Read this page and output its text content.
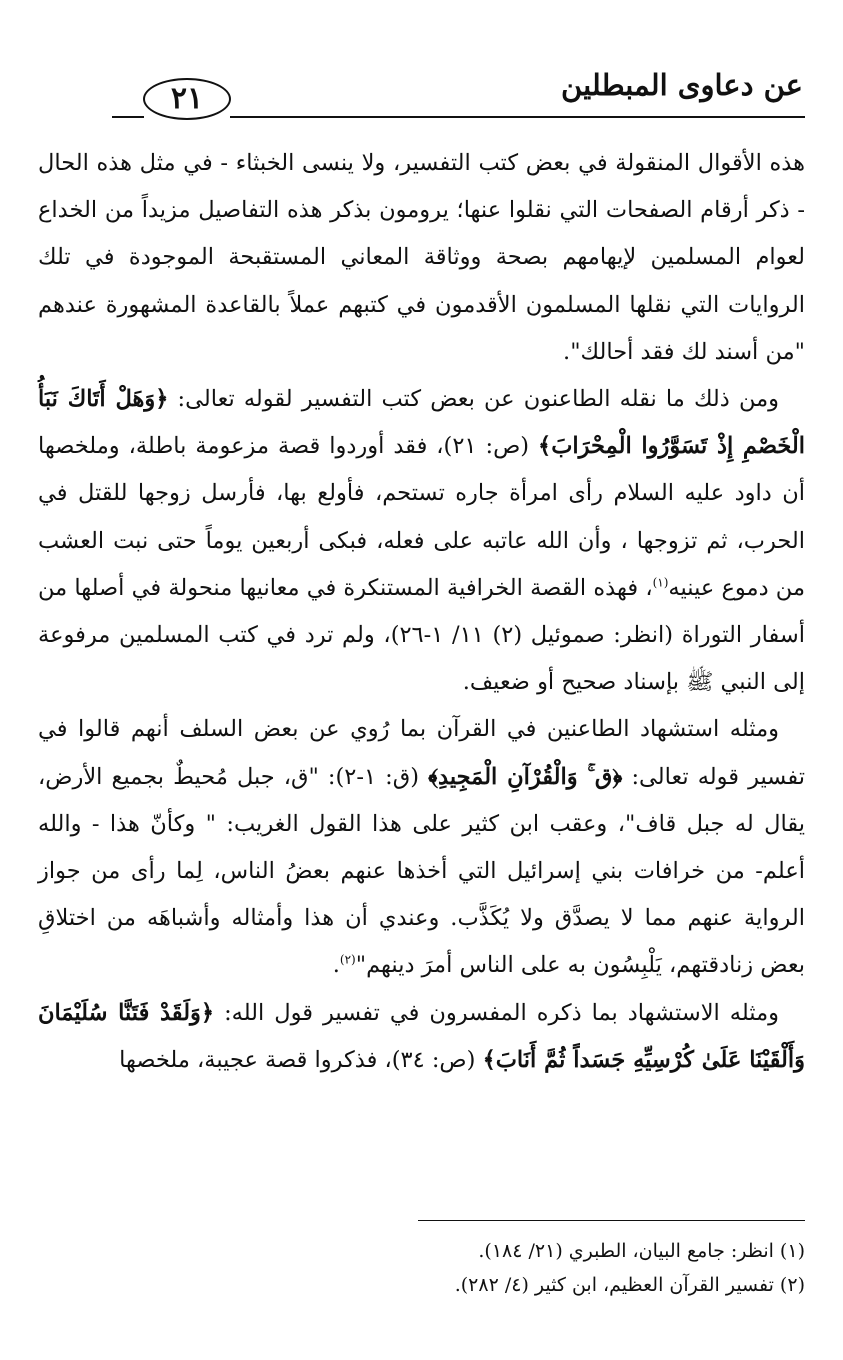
عن دعاوى المبطلين
٢١

هذه الأقوال المنقولة في بعض كتب التفسير، ولا ينسى الخبثاء - في مثل هذه الحال - ذكر أرقام الصفحات التي نقلوا عنها؛ يرومون بذكر هذه التفاصيل مزيداً من الخداع لعوام المسلمين لإيهامهم بصحة ووثاقة المعاني المستقبحة الموجودة في تلك الروايات التي نقلها المسلمون الأقدمون في كتبهم عملاً بالقاعدة المشهورة عندهم "من أسند لك فقد أحالك".

ومن ذلك ما نقله الطاعنون عن بعض كتب التفسير لقوله تعالى: ﴿وَهَلْ أَتَاكَ نَبَأُ الْخَصْمِ إِذْ تَسَوَّرُوا الْمِحْرَابَ﴾ (ص: ٢١)، فقد أوردوا قصة مزعومة باطلة، وملخصها أن داود عليه السلام رأى امرأة جاره تستحم، فأولع بها، فأرسل زوجها للقتل في الحرب، ثم تزوجها ، وأن الله عاتبه على فعله، فبكى أربعين يوماً حتى نبت العشب من دموع عينيه$^{(١)}$، فهذه القصة الخرافية المستنكرة في معانيها منحولة في أصلها من أسفار التوراة (انظر: صموئيل (٢) ١١/ ١-٢٦)، ولم ترد في كتب المسلمين مرفوعة إلى النبي ﷺ بإسناد صحيح أو ضعيف.

ومثله استشهاد الطاعنين في القرآن بما رُوي عن بعض السلف أنهم قالوا في تفسير قوله تعالى: ﴿ق ۚ وَالْقُرْآنِ الْمَجِيدِ﴾ (ق: ١-٢): "ق، جبل مُحيطٌ بجميع الأرض، يقال له جبل قاف"، وعقب ابن كثير على هذا القول الغريب: " وكأنّ هذا - والله أعلم- من خرافات بني إسرائيل التي أخذها عنهم بعضُ الناس، لِما رأى من جواز الرواية عنهم مما لا يصدَّق ولا يُكَذَّب. وعندي أن هذا وأمثاله وأشباهَه من اختلاقِ بعض زنادقتهم، يَلْبِسُون به على الناس أمرَ دينهم"$^{(٢)}$.

ومثله الاستشهاد بما ذكره المفسرون في تفسير قول الله: ﴿وَلَقَدْ فَتَنَّا سُلَيْمَانَ وَأَلْقَيْنَا عَلَىٰ كُرْسِيِّهِ جَسَداً ثُمَّ أَنَابَ﴾ (ص: ٣٤)، فذكروا قصة عجيبة، ملخصها

(١) انظر: جامع البيان، الطبري (٢١/ ١٨٤).
(٢) تفسير القرآن العظيم، ابن كثير (٤/ ٢٨٢).
